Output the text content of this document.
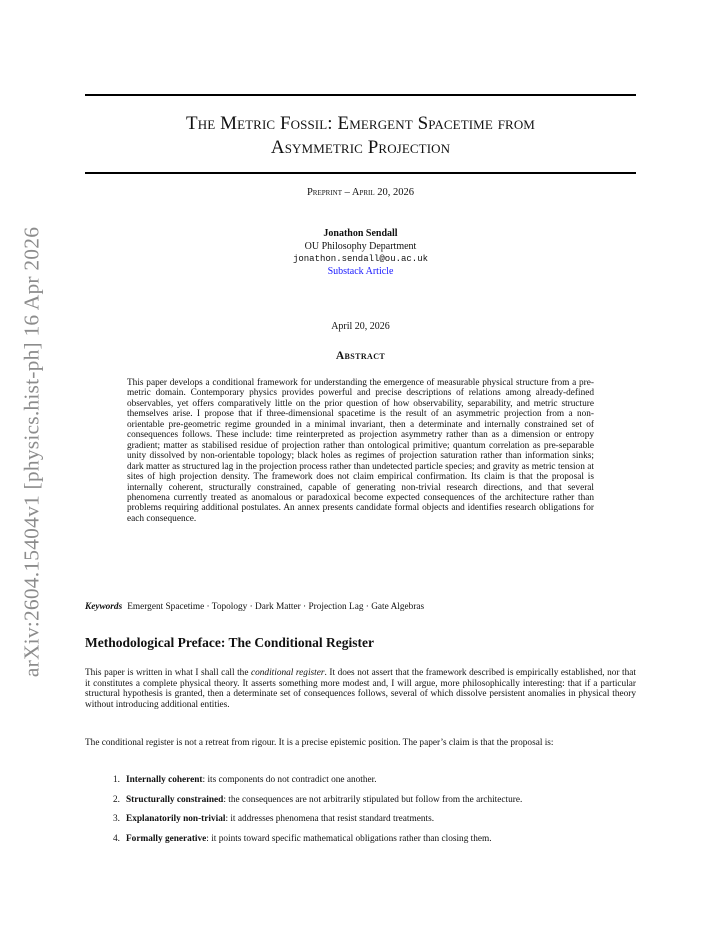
arXiv:2604.15404v1 [physics.hist-ph] 16 Apr 2026
The Metric Fossil: Emergent Spacetime from
Asymmetric Projection
Preprint – April 20, 2026
Jonathon Sendall
OU Philosophy Department
jonathon.sendall@ou.ac.uk
Substack Article
April 20, 2026
Abstract

This paper develops a conditional framework for understanding the emergence of measurable physical structure from a pre-metric domain. Contemporary physics provides powerful and precise descriptions of relations among already-defined observables, yet offers comparatively little on the prior question of how observability, separability, and metric structure themselves arise. I propose that if three-dimensional spacetime is the result of an asymmetric projection from a non-orientable pre-geometric regime grounded in a minimal invariant, then a determinate and internally constrained set of consequences follows. These include: time reinterpreted as projection asymmetry rather than as a dimension or entropy gradient; matter as stabilised residue of projection rather than ontological primitive; quantum correlation as pre-separable unity dissolved by non-orientable topology; black holes as regimes of projection saturation rather than information sinks; dark matter as structured lag in the projection process rather than undetected particle species; and gravity as metric tension at sites of high projection density. The framework does not claim empirical confirmation. Its claim is that the proposal is internally coherent, structurally constrained, capable of generating non-trivial research directions, and that several phenomena currently treated as anomalous or paradoxical become expected consequences of the architecture rather than problems requiring additional postulates. An annex presents candidate formal objects and identifies research obligations for each consequence.

Keywords Emergent Spacetime · Topology · Dark Matter · Projection Lag · Gate Algebras
Methodological Preface: The Conditional Register

This paper is written in what I shall call the conditional register. It does not assert that the framework described is empirically established, nor that it constitutes a complete physical theory. It asserts something more modest and, I will argue, more philosophically interesting: that if a particular structural hypothesis is granted, then a determinate set of consequences follows, several of which dissolve persistent anomalies in physical theory without introducing additional entities.

The conditional register is not a retreat from rigour. It is a precise epistemic position. The paper’s claim is that the proposal is:

1. Internally coherent: its components do not contradict one another.
2. Structurally constrained: the consequences are not arbitrarily stipulated but follow from the architecture.
3. Explanatorily non-trivial: it addresses phenomena that resist standard treatments.
4. Formally generative: it points toward specific mathematical obligations rather than closing them.
